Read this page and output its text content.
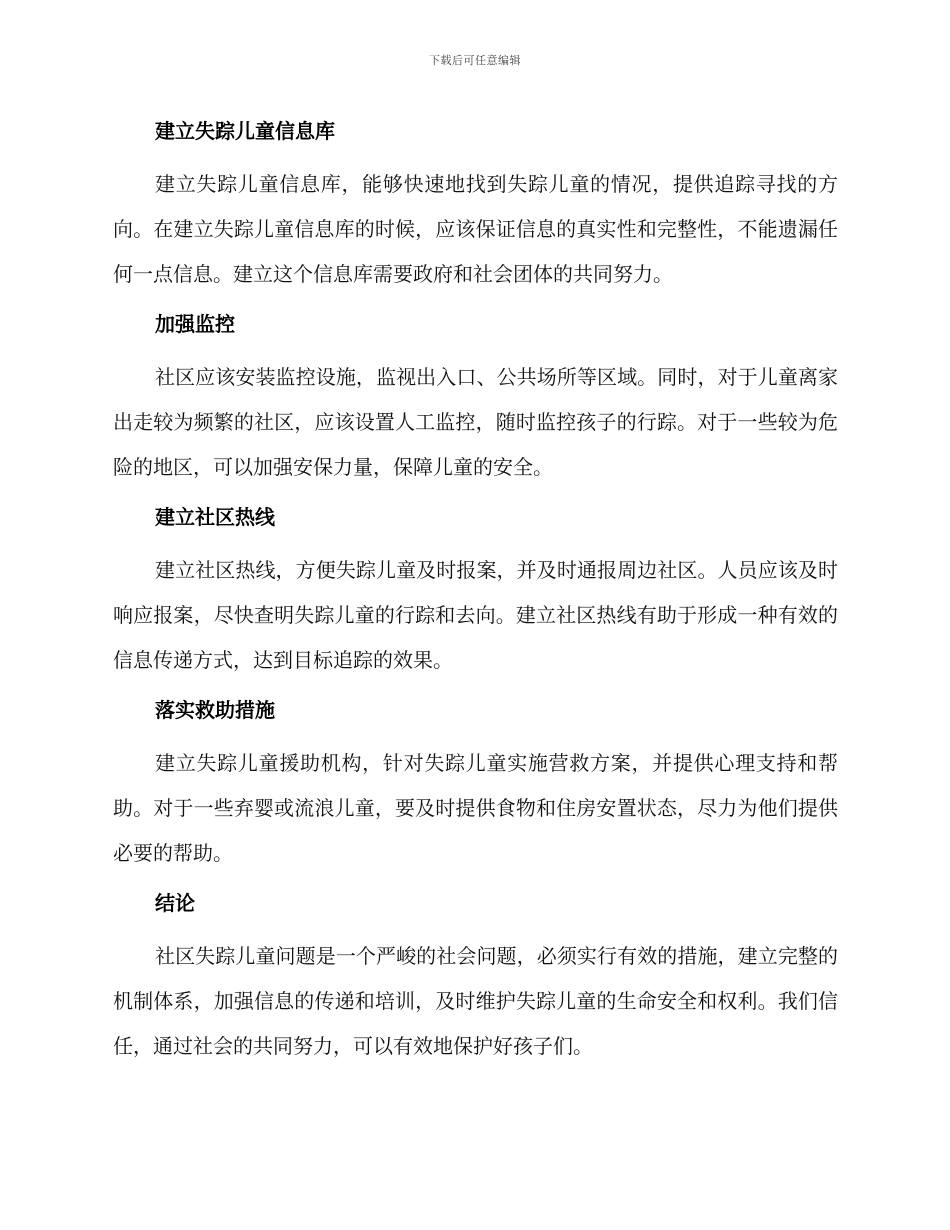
下载后可任意编辑
建立失踪儿童信息库

建立失踪儿童信息库，能够快速地找到失踪儿童的情况，提供追踪寻找的方向。在建立失踪儿童信息库的时候，应该保证信息的真实性和完整性，不能遗漏任何一点信息。建立这个信息库需要政府和社会团体的共同努力。

加强监控

社区应该安装监控设施，监视出入口、公共场所等区域。同时，对于儿童离家出走较为频繁的社区，应该设置人工监控，随时监控孩子的行踪。对于一些较为危险的地区，可以加强安保力量，保障儿童的安全。

建立社区热线

建立社区热线，方便失踪儿童及时报案，并及时通报周边社区。人员应该及时响应报案，尽快查明失踪儿童的行踪和去向。建立社区热线有助于形成一种有效的信息传递方式，达到目标追踪的效果。

落实救助措施

建立失踪儿童援助机构，针对失踪儿童实施营救方案，并提供心理支持和帮助。对于一些弃婴或流浪儿童，要及时提供食物和住房安置状态，尽力为他们提供必要的帮助。

结论

社区失踪儿童问题是一个严峻的社会问题，必须实行有效的措施，建立完整的机制体系，加强信息的传递和培训，及时维护失踪儿童的生命安全和权利。我们信任，通过社会的共同努力，可以有效地保护好孩子们。
